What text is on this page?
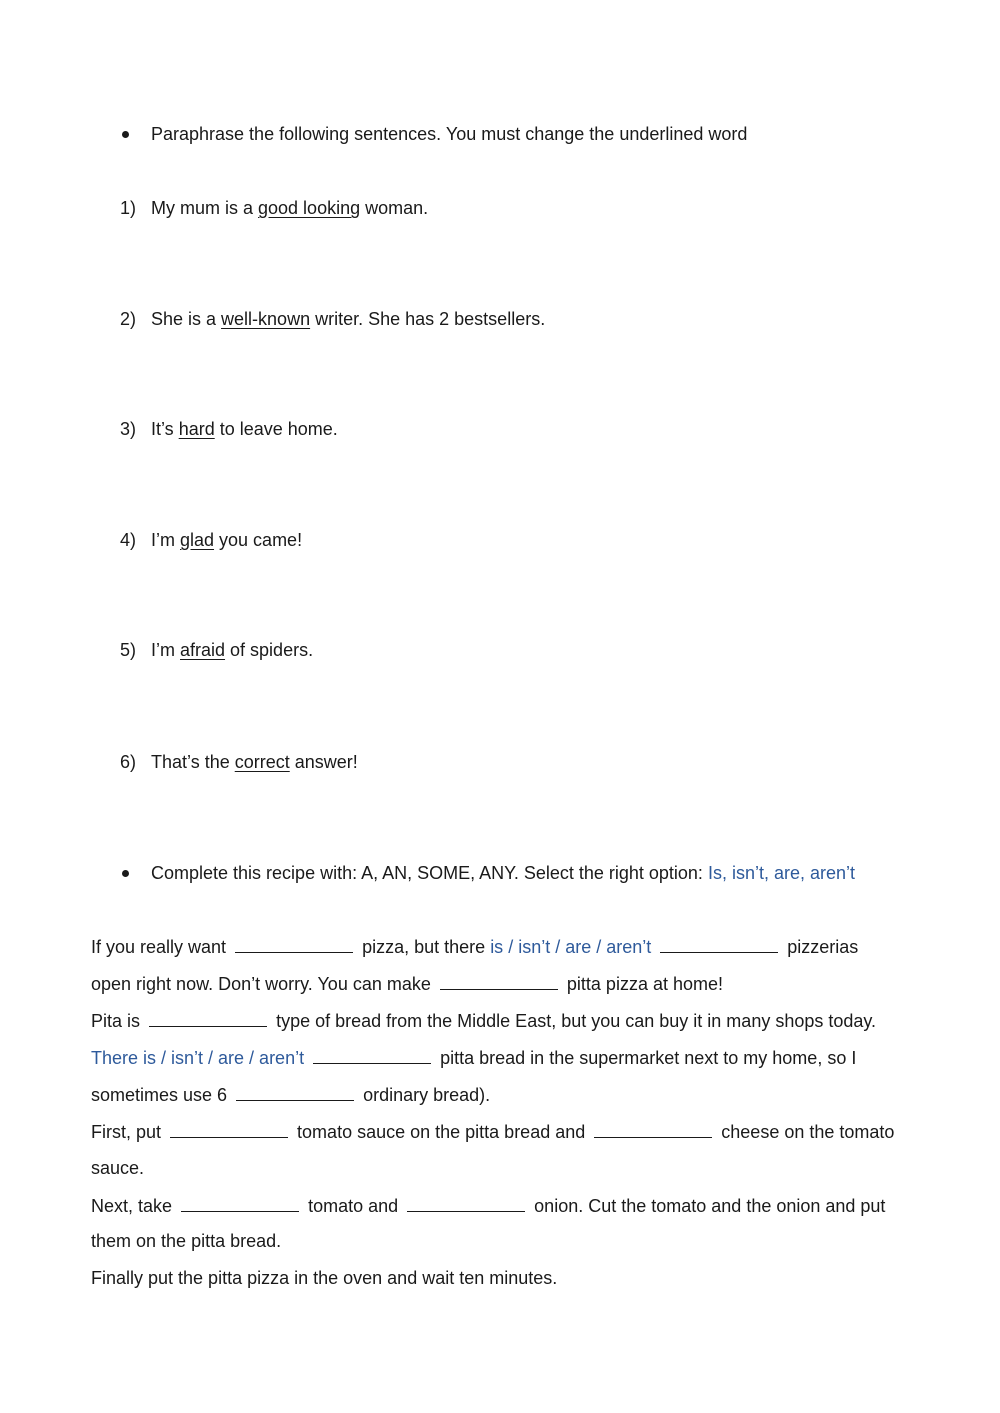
Paraphrase the following sentences. You must change the underlined word
1) My mum is a good looking woman.
2) She is a well-known writer. She has 2 bestsellers.
3) It’s hard to leave home.
4) I’m glad you came!
5) I’m afraid of spiders.
6) That’s the correct answer!
Complete this recipe with: A, AN, SOME, ANY. Select the right option: Is, isn’t, are, aren’t
If you really want	pizza, but there is / isn’t / are / aren’t	pizzerias
open right now. Don’t worry. You can make	pitta pizza at home!
Pita is	type of bread from the Middle East, but you can buy it in many shops today.
There is / isn’t / are / aren’t	pitta bread in the supermarket next to my home, so I
sometimes use 6	ordinary bread).
First, put	tomato sauce on the pitta bread and	cheese on the tomato
sauce.
Next, take	tomato and	onion. Cut the tomato and the onion and put
them on the pitta bread.
Finally put the pitta pizza in the oven and wait ten minutes.
